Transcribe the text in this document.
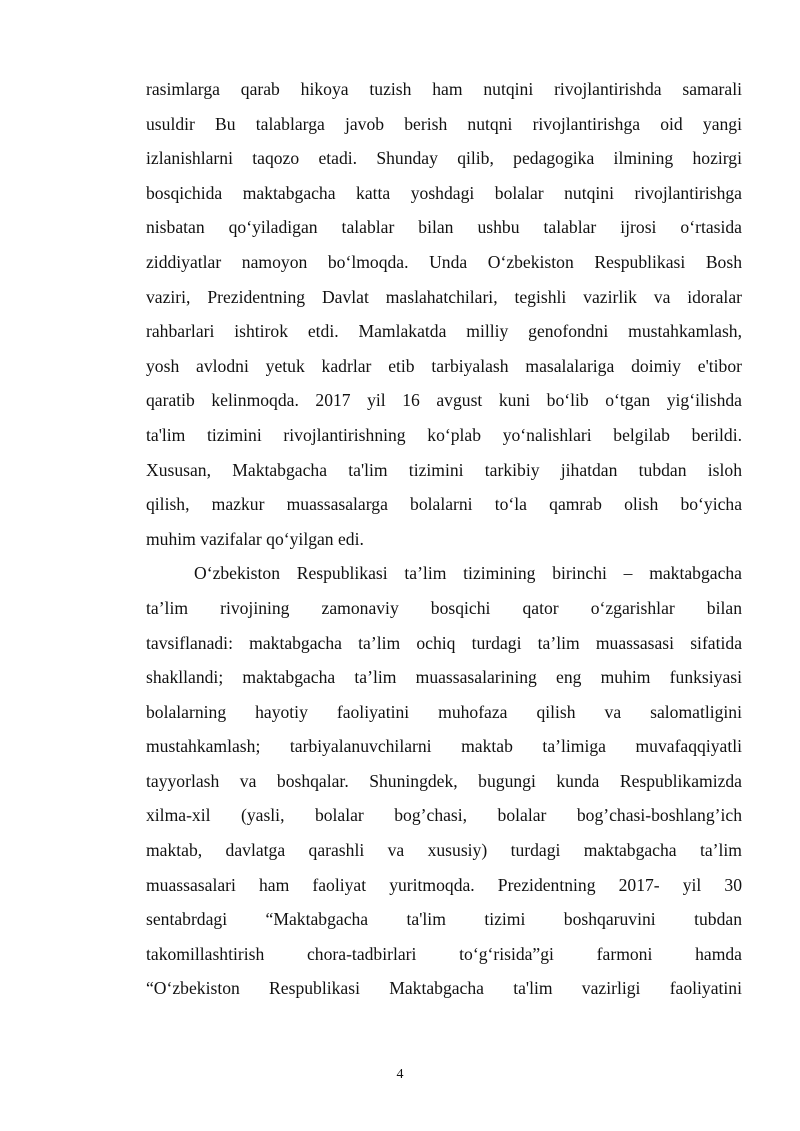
rasimlarga qarab hikoya tuzish ham nutqini rivojlantirishda samarali
usuldir Bu talablarga javob berish nutqni rivojlantirishga oid yangi
izlanishlarni taqozo etadi. Shunday qilib, pedagogika ilmining hozirgi
bosqichida maktabgacha katta yoshdagi bolalar nutqini rivojlantirishga
nisbatan qo‘yiladigan talablar bilan ushbu talablar ijrosi o‘rtasida
ziddiyatlar namoyon bo‘lmoqda. Unda O‘zbekiston Respublikasi Bosh
vaziri, Prezidentning Davlat maslahatchilari, tegishli vazirlik va idoralar
rahbarlari ishtirok etdi. Mamlakatda milliy genofondni mustahkamlash,
yosh avlodni yetuk kadrlar etib tarbiyalash masalalariga doimiy e'tibor
qaratib kelinmoqda. 2017 yil 16 avgust kuni bo‘lib o‘tgan yig‘ilishda
ta'lim tizimini rivojlantirishning ko‘plab yo‘nalishlari belgilab berildi.
Xususan, Maktabgacha ta'lim tizimini tarkibiy jihatdan tubdan isloh
qilish, mazkur muassasalarga bolalarni to‘la qamrab olish bo‘yicha
muhim vazifalar qo‘yilgan edi.
O‘zbekiston Respublikasi ta’lim tizimining birinchi – maktabgacha
ta’lim rivojining zamonaviy bosqichi qator o‘zgarishlar bilan
tavsiflanadi: maktabgacha ta’lim ochiq turdagi ta’lim muassasasi sifatida
shakllandi; maktabgacha ta’lim muassasalarining eng muhim funksiyasi
bolalarning hayotiy faoliyatini muhofaza qilish va salomatligini
mustahkamlash; tarbiyalanuvchilarni maktab ta’limiga muvafaqqiyatli
tayyorlash va boshqalar. Shuningdek, bugungi kunda Respublikamizda
xilma-xil (yasli, bolalar bog’chasi, bolalar bog’chasi-boshlang’ich
maktab, davlatga qarashli va xususiy) turdagi maktabgacha ta’lim
muassasalari ham faoliyat yuritmoqda. Prezidentning 2017- yil 30
sentabrdagi “Maktabgacha ta'lim tizimi boshqaruvini tubdan
takomillashtirish chora-tadbirlari to‘g‘risida”gi farmoni hamda
“O‘zbekiston Respublikasi Maktabgacha ta'lim vazirligi faoliyatini
4
